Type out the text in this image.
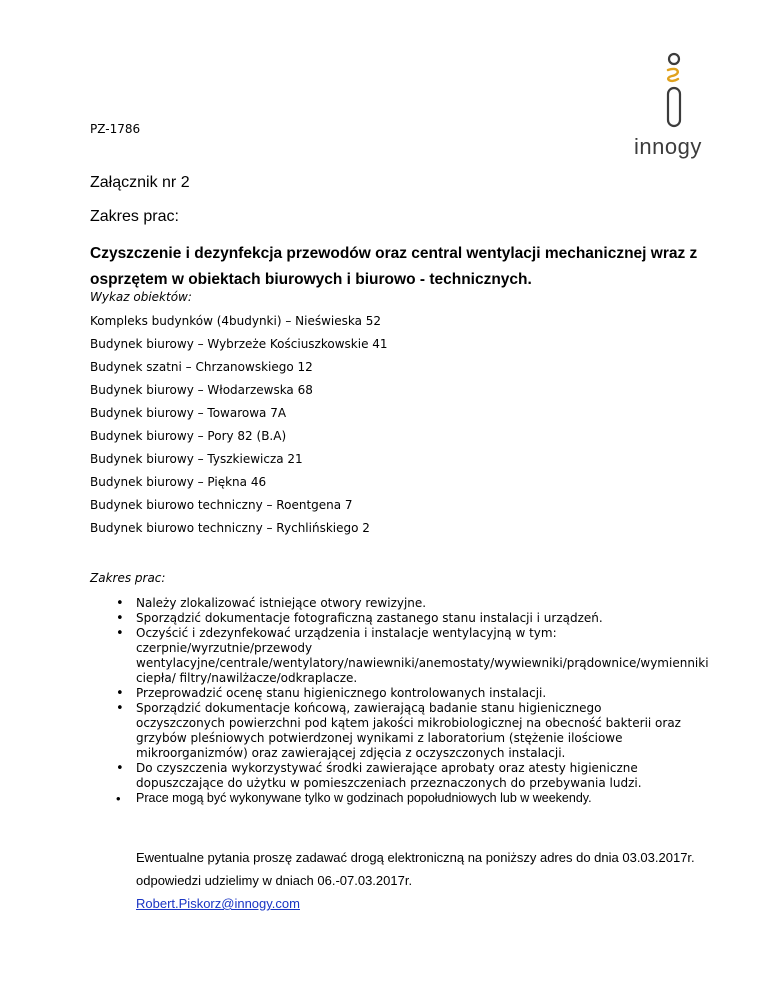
PZ-1786
innogy
Załącznik nr 2
Zakres prac:
Czyszczenie i dezynfekcja przewodów oraz central wentylacji mechanicznej wraz z osprzętem w obiektach biurowych i biurowo - technicznych.
Wykaz obiektów:
Kompleks budynków (4budynki) – Nieświeska 52
Budynek biurowy – Wybrzeże Kościuszkowskie 41
Budynek szatni – Chrzanowskiego 12
Budynek biurowy – Włodarzewska 68
Budynek biurowy – Towarowa 7A
Budynek biurowy – Pory 82 (B.A)
Budynek biurowy – Tyszkiewicza 21
Budynek biurowy – Piękna 46
Budynek biurowo techniczny – Roentgena 7
Budynek biurowo techniczny – Rychlińskiego 2
Zakres prac:
• Należy zlokalizować istniejące otwory rewizyjne.
• Sporządzić dokumentacje fotograficzną zastanego stanu instalacji i urządzeń.
• Oczyścić i zdezynfekować urządzenia i instalacje wentylacyjną w tym: czerpnie/wyrzutnie/przewody wentylacyjne/centrale/wentylatory/nawiewniki/anemostaty/wywiewniki/prądownice/wymienniki ciepła/ filtry/nawilżacze/odkraplacze.
• Przeprowadzić ocenę stanu higienicznego kontrolowanych instalacji.
• Sporządzić dokumentacje końcową, zawierającą badanie stanu higienicznego oczyszczonych powierzchni pod kątem jakości mikrobiologicznej na obecność bakterii oraz grzybów pleśniowych potwierdzonej wynikami z laboratorium (stężenie ilościowe mikroorganizmów) oraz zawierającej zdjęcia z oczyszczonych instalacji.
• Do czyszczenia wykorzystywać środki zawierające aprobaty oraz atesty higieniczne dopuszczające do użytku w pomieszczeniach przeznaczonych do przebywania ludzi.
• Prace mogą być wykonywane tylko w godzinach popołudniowych lub w weekendy.
Ewentualne pytania proszę zadawać drogą elektroniczną na poniższy adres do dnia 03.03.2017r. odpowiedzi udzielimy w dniach 06.-07.03.2017r.
Robert.Piskorz@innogy.com
